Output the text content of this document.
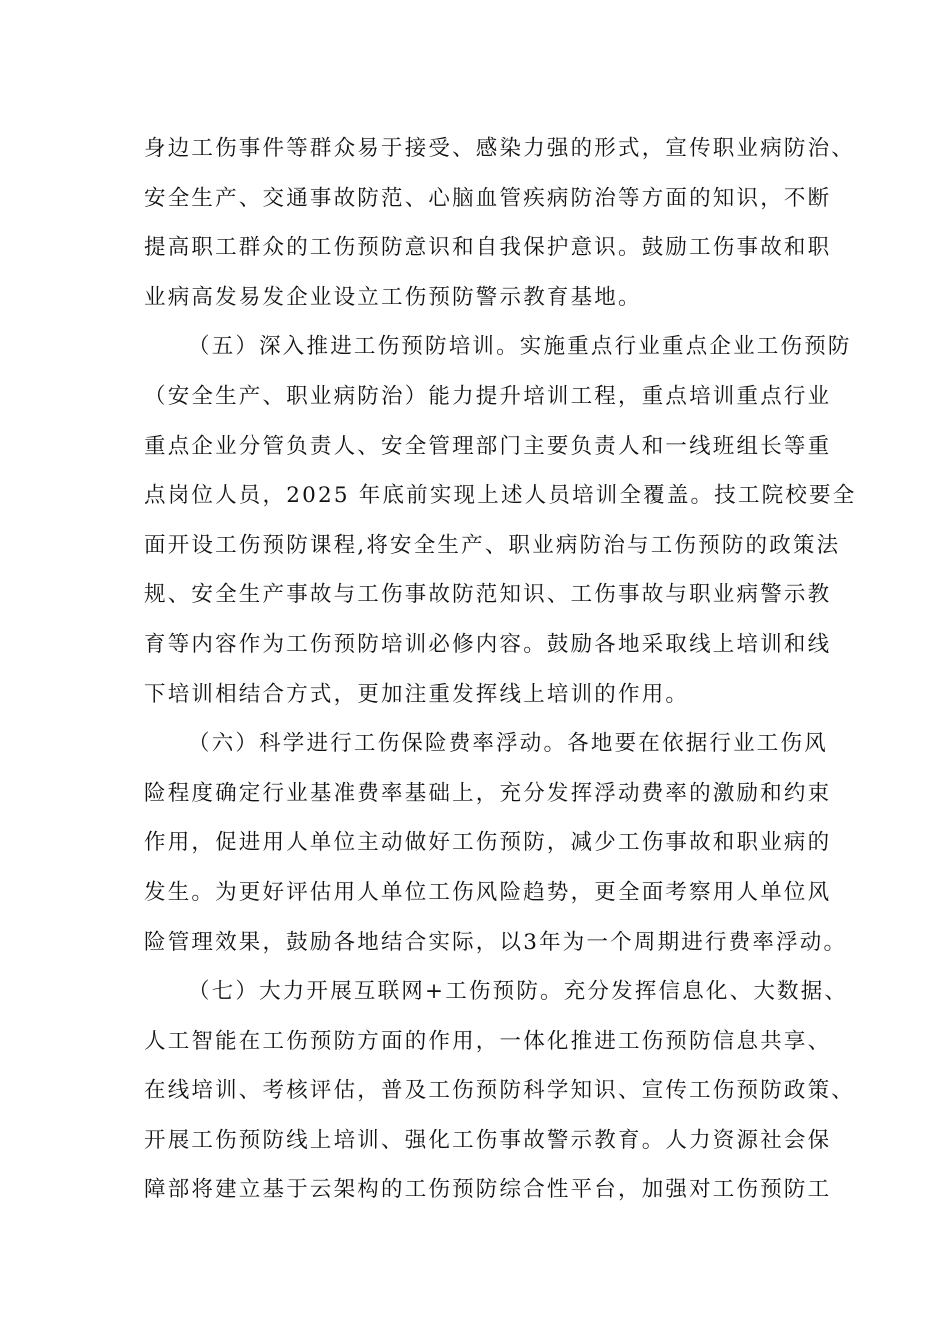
身边工伤事件等群众易于接受、感染力强的形式，宣传职业病防治、
安全生产、交通事故防范、心脑血管疾病防治等方面的知识，不断
提高职工群众的工伤预防意识和自我保护意识。鼓励工伤事故和职
业病高发易发企业设立工伤预防警示教育基地。
（五）深入推进工伤预防培训。实施重点行业重点企业工伤预防
（安全生产、职业病防治）能力提升培训工程，重点培训重点行业
重点企业分管负责人、安全管理部门主要负责人和一线班组长等重
点岗位人员，2025 年底前实现上述人员培训全覆盖。技工院校要全
面开设工伤预防课程,将安全生产、职业病防治与工伤预防的政策法
规、安全生产事故与工伤事故防范知识、工伤事故与职业病警示教
育等内容作为工伤预防培训必修内容。鼓励各地采取线上培训和线
下培训相结合方式，更加注重发挥线上培训的作用。
（六）科学进行工伤保险费率浮动。各地要在依据行业工伤风
险程度确定行业基准费率基础上，充分发挥浮动费率的激励和约束
作用，促进用人单位主动做好工伤预防，减少工伤事故和职业病的
发生。为更好评估用人单位工伤风险趋势，更全面考察用人单位风
险管理效果，鼓励各地结合实际，以3年为一个周期进行费率浮动。
（七）大力开展互联网+工伤预防。充分发挥信息化、大数据、
人工智能在工伤预防方面的作用，一体化推进工伤预防信息共享、
在线培训、考核评估，普及工伤预防科学知识、宣传工伤预防政策、
开展工伤预防线上培训、强化工伤事故警示教育。人力资源社会保
障部将建立基于云架构的工伤预防综合性平台，加强对工伤预防工
